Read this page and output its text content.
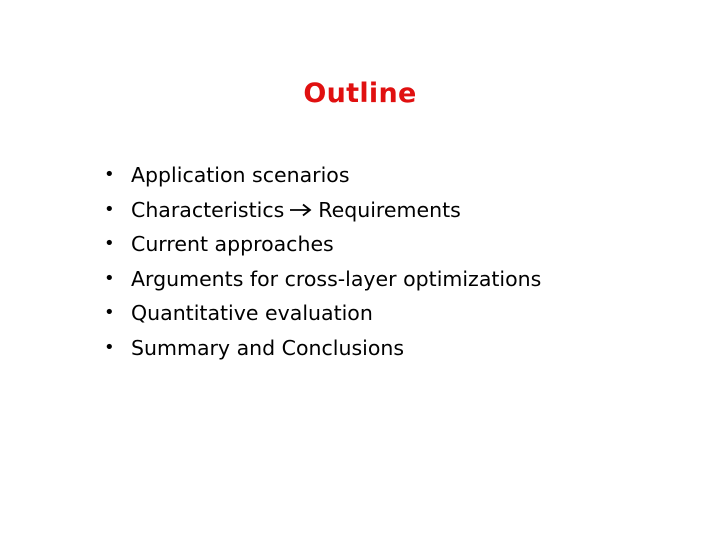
Outline
• Application scenarios
• Characteristics Requirements
• Current approaches
• Arguments for cross-layer optimizations
• Quantitative evaluation
• Summary and Conclusions
